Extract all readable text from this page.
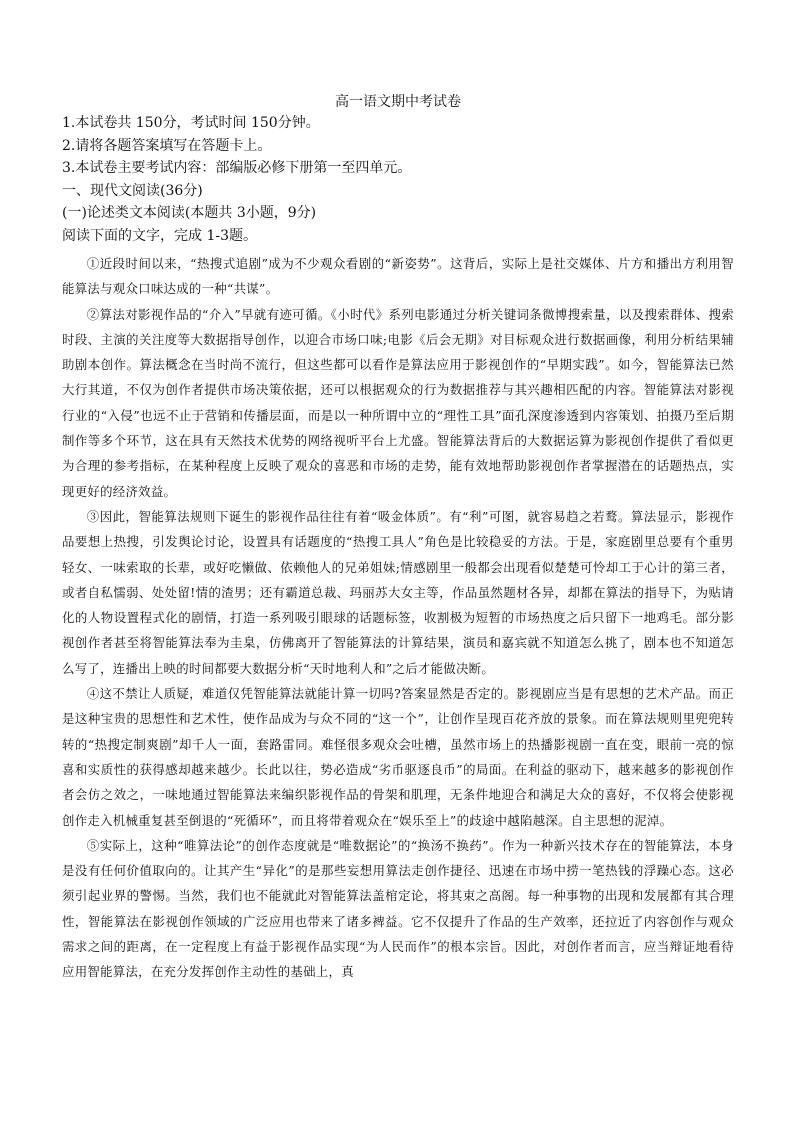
高一语文期中考试卷

1.本试卷共 150分，考试时间 150分钟。

2.请将各题答案填写在答题卡上。

3.本试卷主要考试内容：部编版必修下册第一至四单元。

一、现代文阅读(36分)

(一)论述类文本阅读(本题共 3小题，9分)

阅读下面的文字，完成 1-3题。

①近段时间以来，“热搜式追剧”成为不少观众看剧的“新姿势”。这背后，实际上是社交媒体、片方和播出方利用智能算法与观众口味达成的一种“共谋”。

②算法对影视作品的“介入”早就有迹可循。《小时代》系列电影通过分析关键词条微博搜索量，以及搜索群体、搜索时段、主演的关注度等大数据指导创作，以迎合市场口味;电影《后会无期》对目标观众进行数据画像，利用分析结果辅助剧本创作。算法概念在当时尚不流行，但这些都可以看作是算法应用于影视创作的“早期实践”。如今，智能算法已然大行其道，不仅为创作者提供市场决策依据，还可以根据观众的行为数据推荐与其兴趣相匹配的内容。智能算法对影视行业的“入侵”也远不止于营销和传播层面，而是以一种所谓中立的“理性工具”面孔深度渗透到内容策划、拍摄乃至后期制作等多个环节，这在具有天然技术优势的网络视听平台上尤盛。智能算法背后的大数据运算为影视创作提供了看似更为合理的参考指标，在某种程度上反映了观众的喜恶和市场的走势，能有效地帮助影视创作者掌握潜在的话题热点，实现更好的经济效益。

③因此，智能算法规则下诞生的影视作品往往有着“吸金体质”。有“利”可图，就容易趋之若鹜。算法显示，影视作品要想上热搜，引发舆论讨论，设置具有话题度的“热搜工具人”角色是比较稳妥的方法。于是，家庭剧里总要有个重男轻女、一味索取的长辈，或好吃懒做、依赖他人的兄弟姐妹;情感剧里一般都会出现看似楚楚可怜却工于心计的第三者，或者自私懦弱、处处留!情的渣男；还有霸道总裁、玛丽苏大女主等，作品虽然题材各异，却都在算法的指导下，为贴请化的人物设置程式化的剧情，打造一系列吸引眼球的话题标签，收割极为短暂的市场热度之后只留下一地鸡毛。部分影视创作者甚至将智能算法奉为圭臬，仿佛离开了智能算法的计算结果，演员和嘉宾就不知道怎么挑了，剧本也不知道怎么写了，连播出上映的时间都要大数据分析“天时地利人和”之后才能做决断。

④这不禁让人质疑，难道仅凭智能算法就能计算一切吗?答案显然是否定的。影视剧应当是有思想的艺术产品。而正是这种宝贵的思想性和艺术性，使作品成为与众不同的“这一个”，让创作呈现百花齐放的景象。而在算法规则里兜兜转转的“热搜定制爽剧”却千人一面，套路雷同。难怪很多观众会吐槽，虽然市场上的热播影视剧一直在变，眼前一亮的惊喜和实质性的获得感却越来越少。长此以往，势必造成“劣币驱逐良币”的局面。在利益的驱动下，越来越多的影视创作者会仿之效之，一味地通过智能算法来编织影视作品的骨架和肌理，无条件地迎合和满足大众的喜好，不仅将会使影视创作走入机械重复甚至倒退的“死循环”，而且将带着观众在“娱乐至上”的歧途中越陷越深。自主思想的泥淖。

⑤实际上，这种“唯算法论”的创作态度就是“唯数据论”的“换汤不换药”。作为一种新兴技术存在的智能算法，本身是没有任何价值取向的。让其产生“异化”的是那些妄想用算法走创作捷径、迅速在市场中捞一笔热钱的浮躁心态。这必须引起业界的警惕。当然，我们也不能就此对智能算法盖棺定论，将其束之高阁。每一种事物的出现和发展都有其合理性，智能算法在影视创作领域的广泛应用也带来了诸多裨益。它不仅提升了作品的生产效率，还拉近了内容创作与观众需求之间的距离，在一定程度上有益于影视作品实现“为人民而作”的根本宗旨。因此，对创作者而言，应当辩证地看待应用智能算法，在充分发挥创作主动性的基础上，真
